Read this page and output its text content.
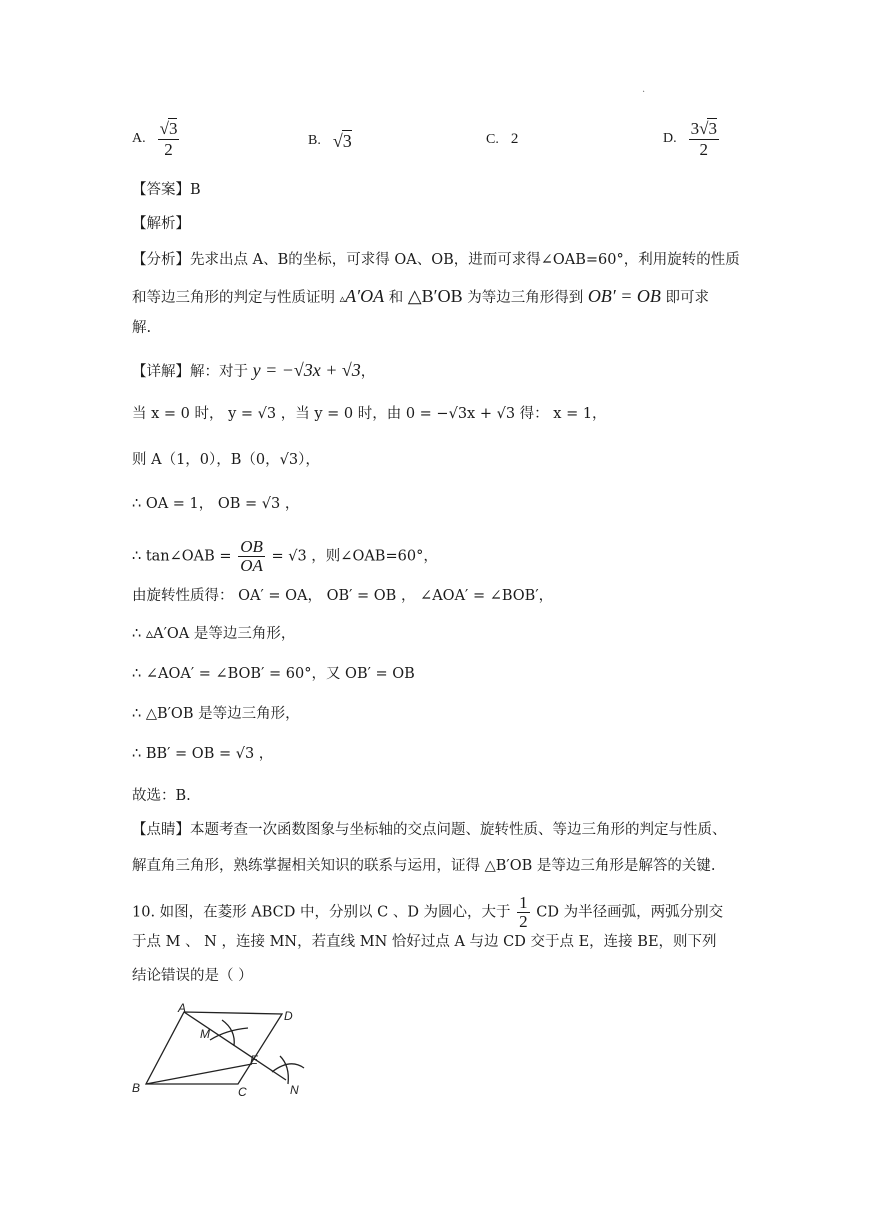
.
A. $\frac{√3}{2}$	B. √3	C. 2	D. $\frac{3√3}{2}$
【答案】B
【解析】
【分析】先求出点 A、B的坐标，可求得 OA、OB，进而可求得∠OAB=60°，利用旋转的性质
和等边三角形的判定与性质证明 ▵A′OA 和 △B′OB 为等边三角形得到 OB′ = OB 即可求
解.
【详解】解：对于 y = −√3x + √3，
当 x = 0 时， y = √3 ，当 y = 0 时，由 0 = −√3x + √3 得： x = 1，
则 A（1，0），B（0，√3），
∴ OA = 1， OB = √3 ，
∴ tan∠OAB = $\frac{OB}{OA} = √3$ ，则∠OAB=60°，
由旋转性质得： OA′ = OA， OB′ = OB ， ∠AOA′ = ∠BOB′，
∴ ▵A′OA 是等边三角形，
∴ ∠AOA′ = ∠BOB′ = 60°，又 OB′ = OB
∴ △B′OB 是等边三角形，
∴ BB′ = OB = √3 ，
故选：B.
【点睛】本题考查一次函数图象与坐标轴的交点问题、旋转性质、等边三角形的判定与性质、
解直角三角形，熟练掌握相关知识的联系与运用，证得 △B′OB 是等边三角形是解答的关键.
10. 如图，在菱形 ABCD 中，分别以 C 、D 为圆心，大于 $\frac{1}{2}$ CD 为半径画弧，两弧分别交
于点 M 、 N ，连接 MN，若直线 MN 恰好过点 A 与边 CD 交于点 E，连接 BE，则下列
结论错误的是（ ）
A
D
M
E
B	C	N
